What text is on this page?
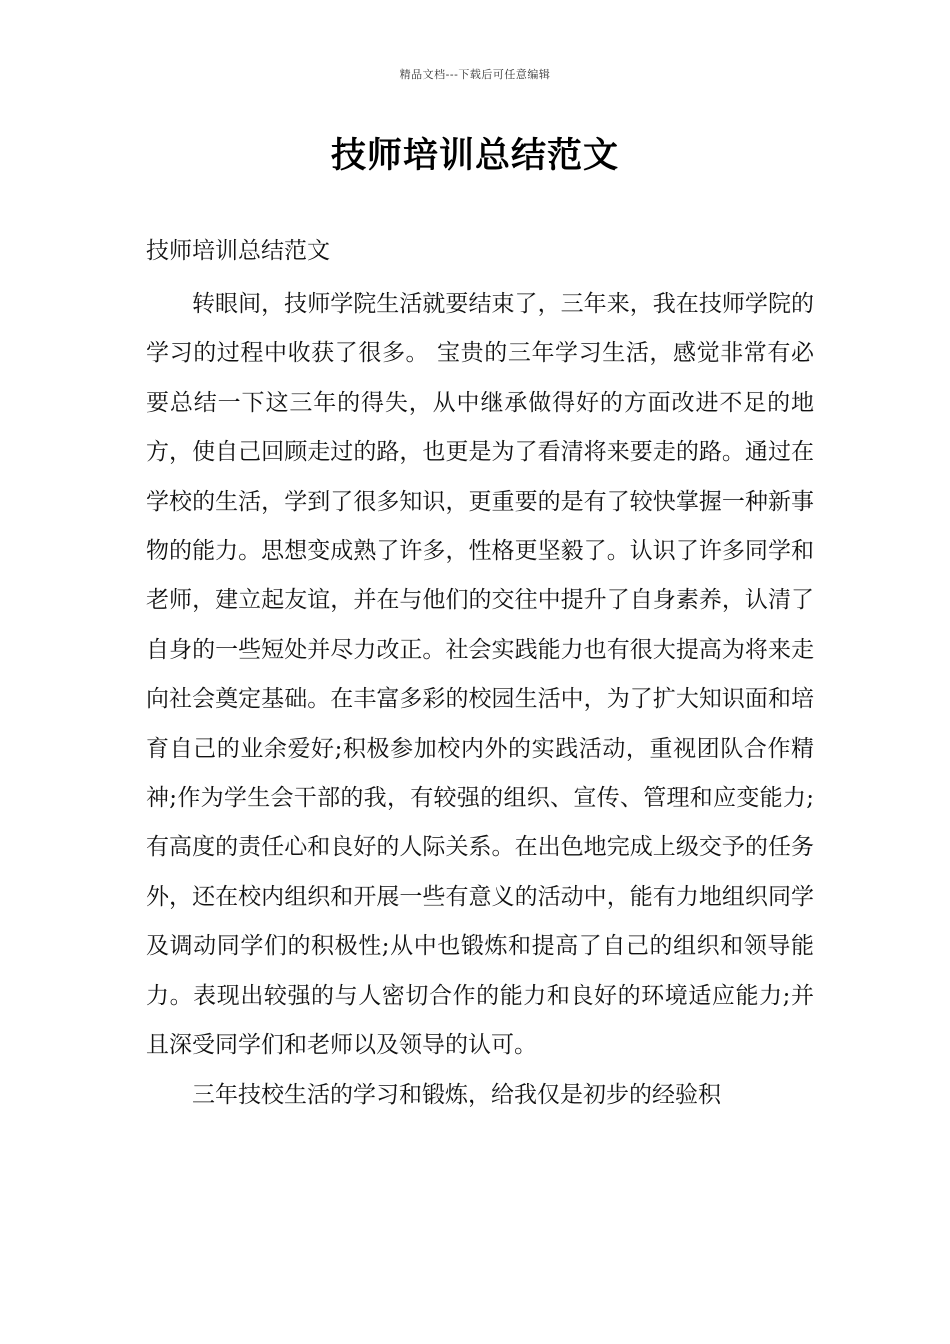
精品文档---下载后可任意编辑
技师培训总结范文
技师培训总结范文

转眼间，技师学院生活就要结束了，三年来，我在技师学院的学习的过程中收获了很多。 宝贵的三年学习生活，感觉非常有必要总结一下这三年的得失，从中继承做得好的方面改进不足的地方，使自己回顾走过的路，也更是为了看清将来要走的路。通过在学校的生活，学到了很多知识，更重要的是有了较快掌握一种新事物的能力。思想变成熟了许多，性格更坚毅了。认识了许多同学和老师，建立起友谊，并在与他们的交往中提升了自身素养，认清了自身的一些短处并尽力改正。社会实践能力也有很大提高为将来走向社会奠定基础。在丰富多彩的校园生活中，为了扩大知识面和培育自己的业余爱好;积极参加校内外的实践活动，重视团队合作精神;作为学生会干部的我，有较强的组织、宣传、管理和应变能力;有高度的责任心和良好的人际关系。在出色地完成上级交予的任务外，还在校内组织和开展一些有意义的活动中，能有力地组织同学及调动同学们的积极性;从中也锻炼和提高了自己的组织和领导能力。表现出较强的与人密切合作的能力和良好的环境适应能力;并且深受同学们和老师以及领导的认可。

三年技校生活的学习和锻炼，给我仅是初步的经验积
